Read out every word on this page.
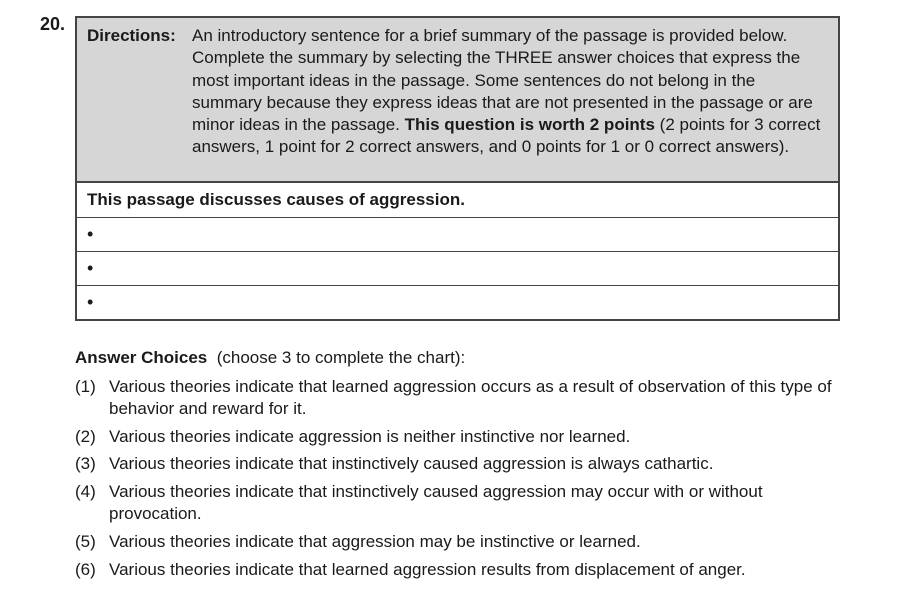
20.
Directions: An introductory sentence for a brief summary of the passage is provided below. Complete the summary by selecting the THREE answer choices that express the most important ideas in the passage. Some sentences do not belong in the summary because they express ideas that are not presented in the passage or are minor ideas in the passage. This question is worth 2 points (2 points for 3 correct answers, 1 point for 2 correct answers, and 0 points for 1 or 0 correct answers).
This passage discusses causes of aggression.
•
•
•
Answer Choices (choose 3 to complete the chart):
(1) Various theories indicate that learned aggression occurs as a result of observation of this type of behavior and reward for it.
(2) Various theories indicate aggression is neither instinctive nor learned.
(3) Various theories indicate that instinctively caused aggression is always cathartic.
(4) Various theories indicate that instinctively caused aggression may occur with or without provocation.
(5) Various theories indicate that aggression may be instinctive or learned.
(6) Various theories indicate that learned aggression results from displacement of anger.
